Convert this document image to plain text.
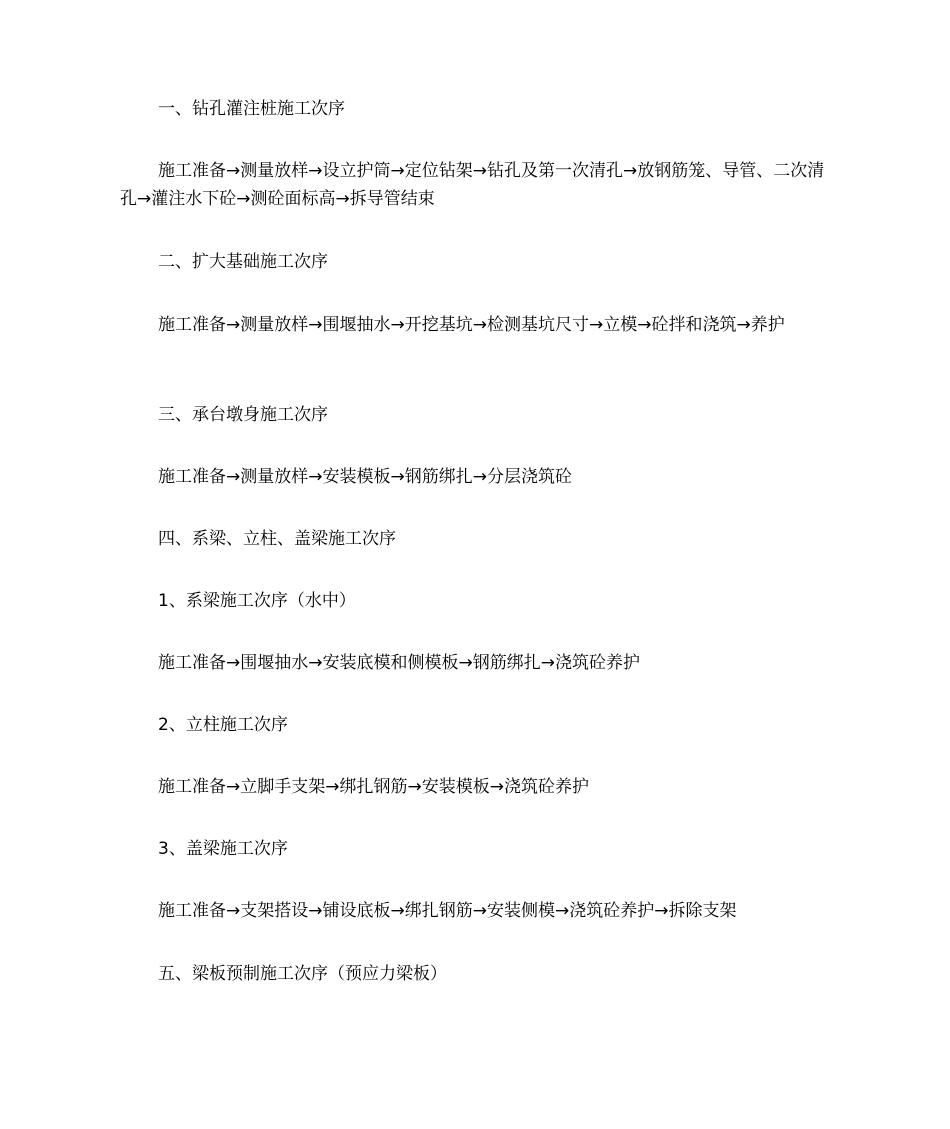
一、钻孔灌注桩施工次序

施工准备→测量放样→设立护筒→定位钻架→钻孔及第一次清孔→放钢筋笼、导管、二次清孔→灌注水下砼→测砼面标高→拆导管结束

二、扩大基础施工次序

施工准备→测量放样→围堰抽水→开挖基坑→检测基坑尺寸→立模→砼拌和浇筑→养护

三、承台墩身施工次序

施工准备→测量放样→安装模板→钢筋绑扎→分层浇筑砼

四、系梁、立柱、盖梁施工次序

1、系梁施工次序（水中）

施工准备→围堰抽水→安装底模和侧模板→钢筋绑扎→浇筑砼养护

2、立柱施工次序

施工准备→立脚手支架→绑扎钢筋→安装模板→浇筑砼养护

3、盖梁施工次序

施工准备→支架搭设→铺设底板→绑扎钢筋→安装侧模→浇筑砼养护→拆除支架

五、梁板预制施工次序（预应力梁板）
